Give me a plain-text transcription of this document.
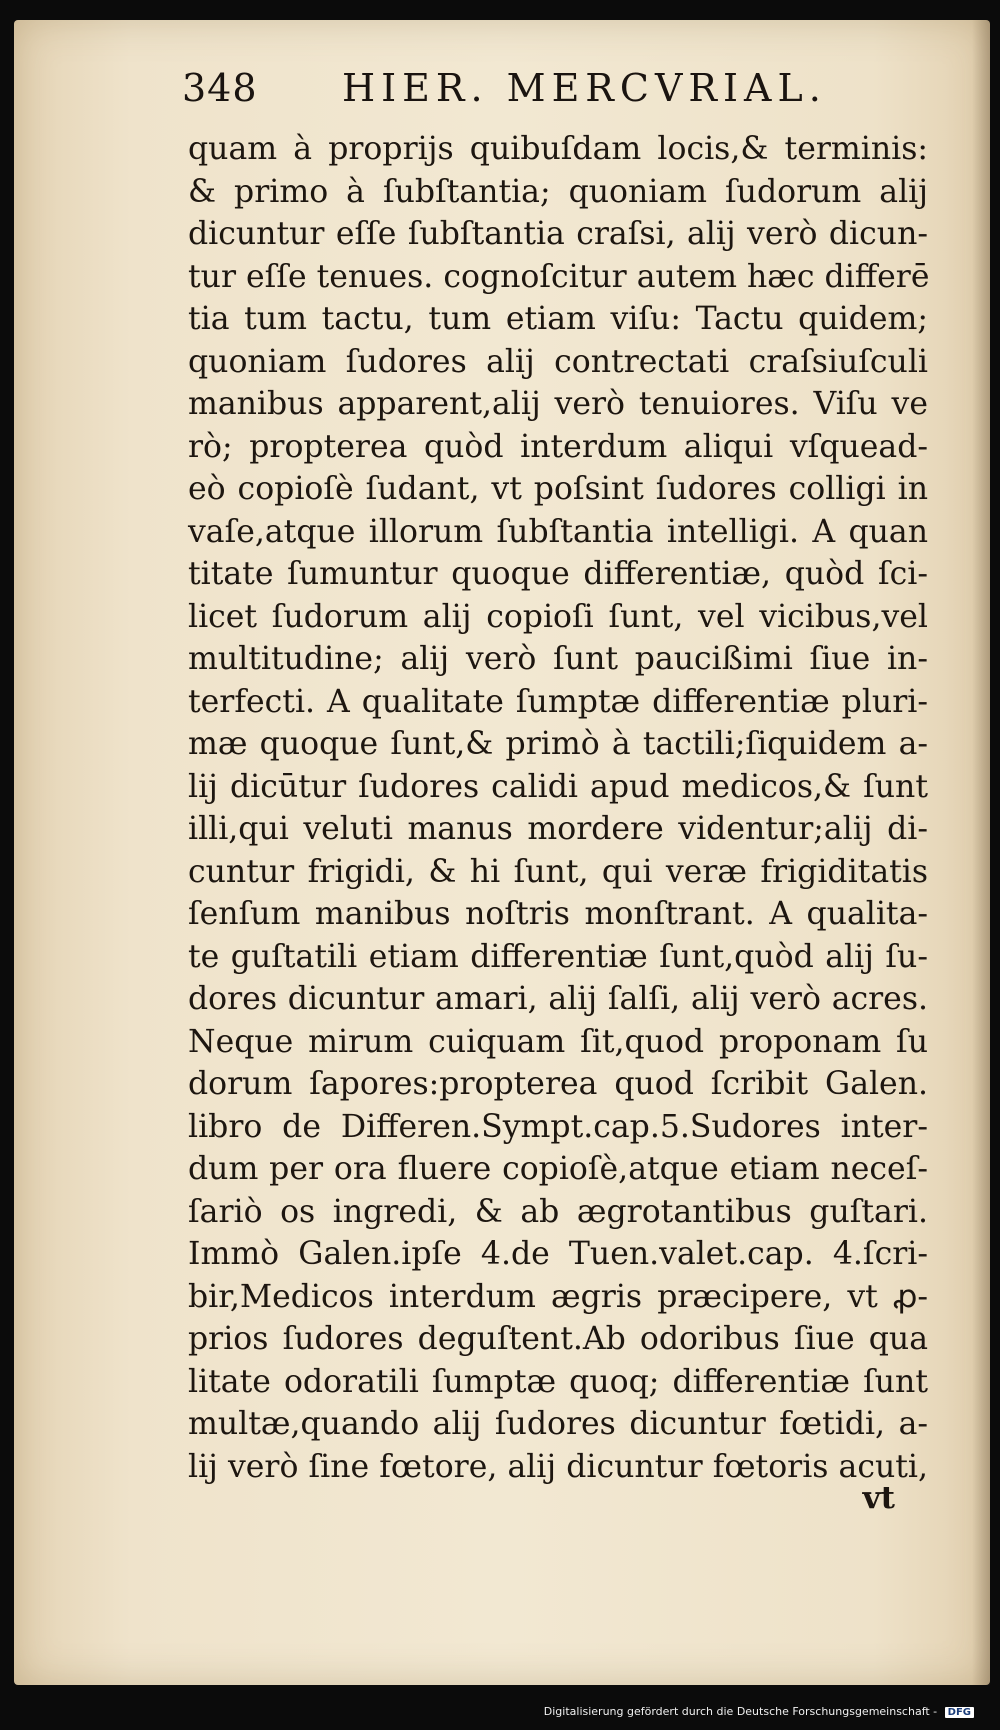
348 HIER. MERCVRIAL.
quam à proprijs quibuſdam locis,& terminis:
& primo à ſubſtantia; quoniam ſudorum alij
dicuntur eſſe ſubſtantia craſsi, alij verò dicun-
tur eſſe tenues. cognoſcitur autem hæc differē
tia tum tactu, tum etiam viſu: Tactu quidem;
quoniam ſudores alij contrectati craſsiuſculi
manibus apparent,alij verò tenuiores. Viſu ve
rò; propterea quòd interdum aliqui vſquead-
eò copioſè ſudant, vt poſsint ſudores colligi in
vaſe,atque illorum ſubſtantia intelligi. A quan
titate ſumuntur quoque differentiæ, quòd ſci-
licet ſudorum alij copioſi ſunt, vel vicibus,vel
multitudine; alij verò ſunt paucißimi ſiue in-
terfecti. A qualitate ſumptæ differentiæ pluri-
mæ quoque ſunt,& primò à tactili;ſiquidem a-
lij dicūtur ſudores calidi apud medicos,& ſunt
illi,qui veluti manus mordere videntur;alij di-
cuntur frigidi, & hi ſunt, qui veræ frigiditatis
ſenſum manibus noſtris monſtrant. A qualita-
te guſtatili etiam differentiæ ſunt,quòd alij ſu-
dores dicuntur amari, alij ſalſi, alij verò acres.
Neque mirum cuiquam ſit,quod proponam ſu
dorum ſapores:propterea quod ſcribit Galen.
libro de Differen.Sympt.cap.5.Sudores inter-
dum per ora fluere copioſè,atque etiam neceſ-
ſariò os ingredi, & ab ægrotantibus guſtari.
Immò Galen.ipſe 4.de Tuen.valet.cap. 4.ſcri-
bir,Medicos interdum ægris præcipere, vt ꝓ-
prios ſudores deguſtent.Ab odoribus ſiue qua
litate odoratili ſumptæ quoq; differentiæ ſunt
multæ,quando alij ſudores dicuntur fœtidi, a-
lij verò ſine fœtore, alij dicuntur fœtoris acuti,
vt
Digitalisierung gefördert durch die Deutsche Forschungsgemeinschaft - DFG
